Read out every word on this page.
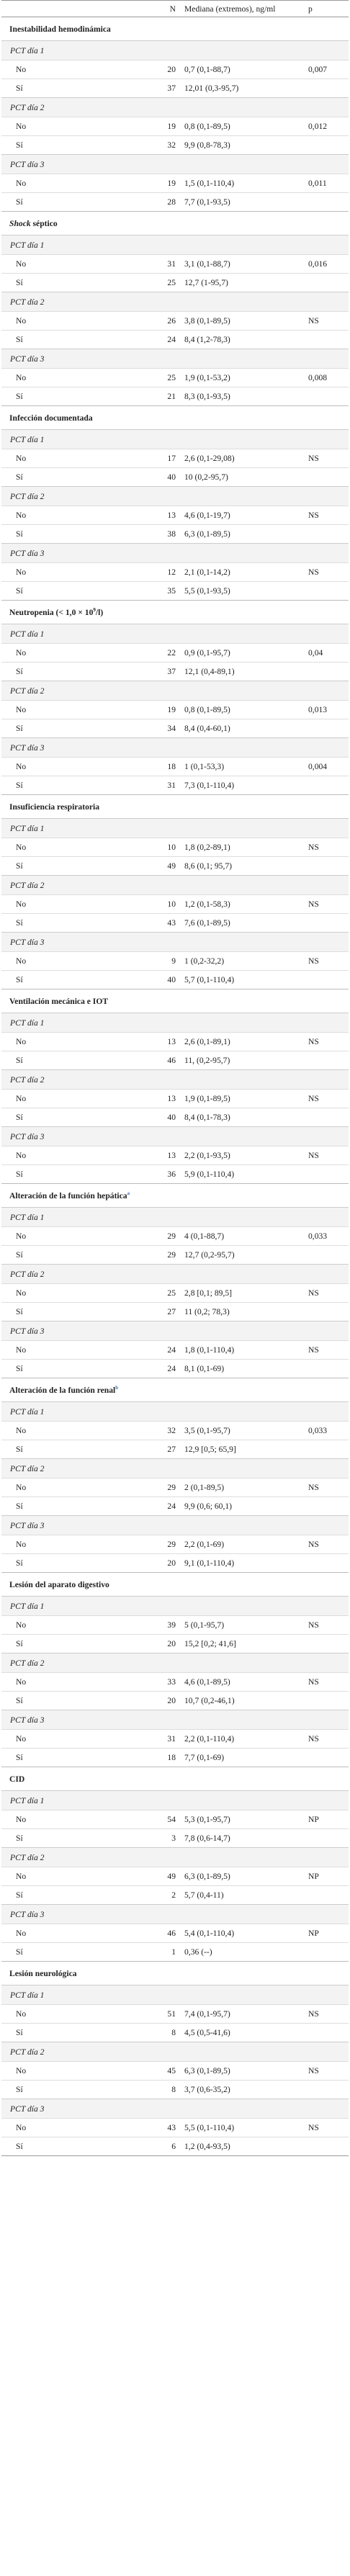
	N	Mediana (extremos), ng/ml	p
Inestabilidad hemodinámica			
PCT día 1			
No	20	0,7 (0,1-88,7)	0,007
Sí	37	12,01 (0,3-95,7)	
PCT día 2			
No	19	0,8 (0,1-89,5)	0,012
Sí	32	9,9 (0,8-78,3)	
PCT día 3			
No	19	1,5 (0,1-110,4)	0,011
Sí	28	7,7 (0,1-93,5)	
Shock séptico			
PCT día 1			
No	31	3,1 (0,1-88,7)	0,016
Sí	25	12,7 (1-95,7)	
PCT día 2			
No	26	3,8 (0,1-89,5)	NS
Sí	24	8,4 (1,2-78,3)	
PCT día 3			
No	25	1,9 (0,1-53,2)	0,008
Sí	21	8,3 (0,1-93,5)	
Infección documentada			
PCT día 1			
No	17	2,6 (0,1-29,08)	NS
Sí	40	10 (0,2-95,7)	
PCT día 2			
No	13	4,6 (0,1-19,7)	NS
Sí	38	6,3 (0,1-89,5)	
PCT día 3			
No	12	2,1 (0,1-14,2)	NS
Sí	35	5,5 (0,1-93,5)	
Neutropenia (< $1,0 \times 10^9/l$)			
PCT día 1			
No	22	0,9 (0,1-95,7)	0,04
Sí	37	12,1 (0,4-89,1)	
PCT día 2			
No	19	0,8 (0,1-89,5)	0,013
Sí	34	8,4 (0,4-60,1)	
PCT día 3			
No	18	1 (0,1-53,3)	0,004
Sí	31	7,3 (0,1-110,4)	
Insuficiencia respiratoria			
PCT día 1			
No	10	1,8 (0,2-89,1)	NS
Sí	49	8,6 (0,1; 95,7)	
PCT día 2			
No	10	1,2 (0,1-58,3)	NS
Sí	43	7,6 (0,1-89,5)	
PCT día 3			
No	9	1 (0,2-32,2)	NS
Sí	40	5,7 (0,1-110,4)	
Ventilación mecánica e IOT			
PCT día 1			
No	13	2,6 (0,1-89,1)	NS
Sí	46	11, (0,2-95,7)	
PCT día 2			
No	13	1,9 (0,1-89,5)	NS
Sí	40	8,4 (0,1-78,3)	
PCT día 3			
No	13	2,2 (0,1-93,5)	NS
Sí	36	5,9 (0,1-110,4)	
Alteración de la función hepática$^a$
PCT día 1			
No	29	4 (0,1-88,7)	0,033
Sí	29	12,7 (0,2-95,7)	
PCT día 2			
No	25	2,8 [0,1; 89,5]	NS
Sí	27	11 (0,2; 78,3)	
PCT día 3			
No	24	1,8 (0,1-110,4)	NS
Sí	24	8,1 (0,1-69)	
Alteración de la función renal$^b$
PCT día 1			
No	32	3,5 (0,1-95,7)	0,033
Sí	27	12,9 [0,5; 65,9]	
PCT día 2			
No	29	2 (0,1-89,5)	NS
Sí	24	9,9 (0,6; 60,1)	
PCT día 3			
No	29	2,2 (0,1-69)	NS
Sí	20	9,1 (0,1-110,4)	
Lesión del aparato digestivo			
PCT día 1			
No	39	5 (0,1-95,7)	NS
Sí	20	15,2 [0,2; 41,6]	
PCT día 2			
No	33	4,6 (0,1-89,5)	NS
Sí	20	10,7 (0,2-46,1)	
PCT día 3			
No	31	2,2 (0,1-110,4)	NS
Sí	18	7,7 (0,1-69)	
CID			
PCT día 1			
No	54	5,3 (0,1-95,7)	NP
Sí	3	7,8 (0,6-14,7)	
PCT día 2			
No	49	6,3 (0,1-89,5)	NP
Sí	2	5,7 (0,4-11)	
PCT día 3			
No	46	5,4 (0,1-110,4)	NP
Sí	1	0,36 (--)	
Lesión neurológica			
PCT día 1			
No	51	7,4 (0,1-95,7)	NS
Sí	8	4,5 (0,5-41,6)	
PCT día 2			
No	45	6,3 (0,1-89,5)	NS
Sí	8	3,7 (0,6-35,2)	
PCT día 3			
No	43	5,5 (0,1-110,4)	NS
Sí	6	1,2 (0,4-93,5)	
